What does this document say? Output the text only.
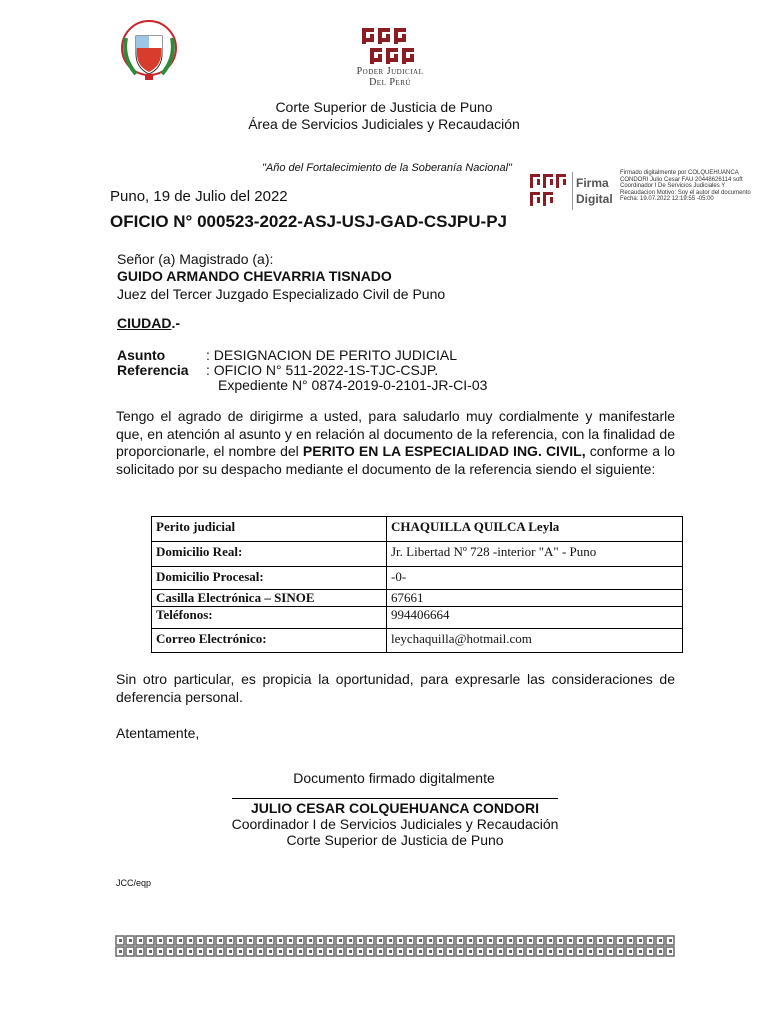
Poder Judicial
Del Perú
Corte Superior de Justicia de Puno
Área de Servicios Judiciales y Recaudación
"Año del Fortalecimiento de la Soberanía Nacional"
Firma
Digital
Firmado digitalmente por COLQUEHUANCA CONDORI Julio Cesar FAU 20448626114 soft Coordinador I De Servicios Judiciales Y Recaudacion Motivo: Soy el autor del documento Fecha: 19.07.2022 12:19:55 -05:00
Puno, 19 de Julio del 2022
OFICIO N° 000523-2022-ASJ-USJ-GAD-CSJPU-PJ
Señor (a) Magistrado (a):
GUIDO ARMANDO CHEVARRIA TISNADO
Juez del Tercer Juzgado Especializado Civil de Puno
CIUDAD.-
Asunto	: DESIGNACION DE PERITO JUDICIAL
Referencia : OFICIO N° 511-2022-1S-TJC-CSJP.
Expediente N° 0874-2019-0-2101-JR-CI-03
Tengo el agrado de dirigirme a usted, para saludarlo muy cordialmente y manifestarle que, en atención al asunto y en relación al documento de la referencia, con la finalidad de proporcionarle, el nombre del PERITO EN LA ESPECIALIDAD ING. CIVIL, conforme a lo solicitado por su despacho mediante el documento de la referencia siendo el siguiente:
Perito judicial	CHAQUILLA QUILCA Leyla
Domicilio Real:	Jr. Libertad Nº 728 -interior "A" - Puno
Domicilio Procesal:	-0-
Casilla Electrónica – SINOE	67661
Teléfonos:	994406664
Correo Electrónico:	leychaquilla@hotmail.com
Sin otro particular, es propicia la oportunidad, para expresarle las consideraciones de deferencia personal.
Atentamente,
Documento firmado digitalmente
JULIO CESAR COLQUEHUANCA CONDORI
Coordinador I de Servicios Judiciales y Recaudación
Corte Superior de Justicia de Puno
JCC/eqp
